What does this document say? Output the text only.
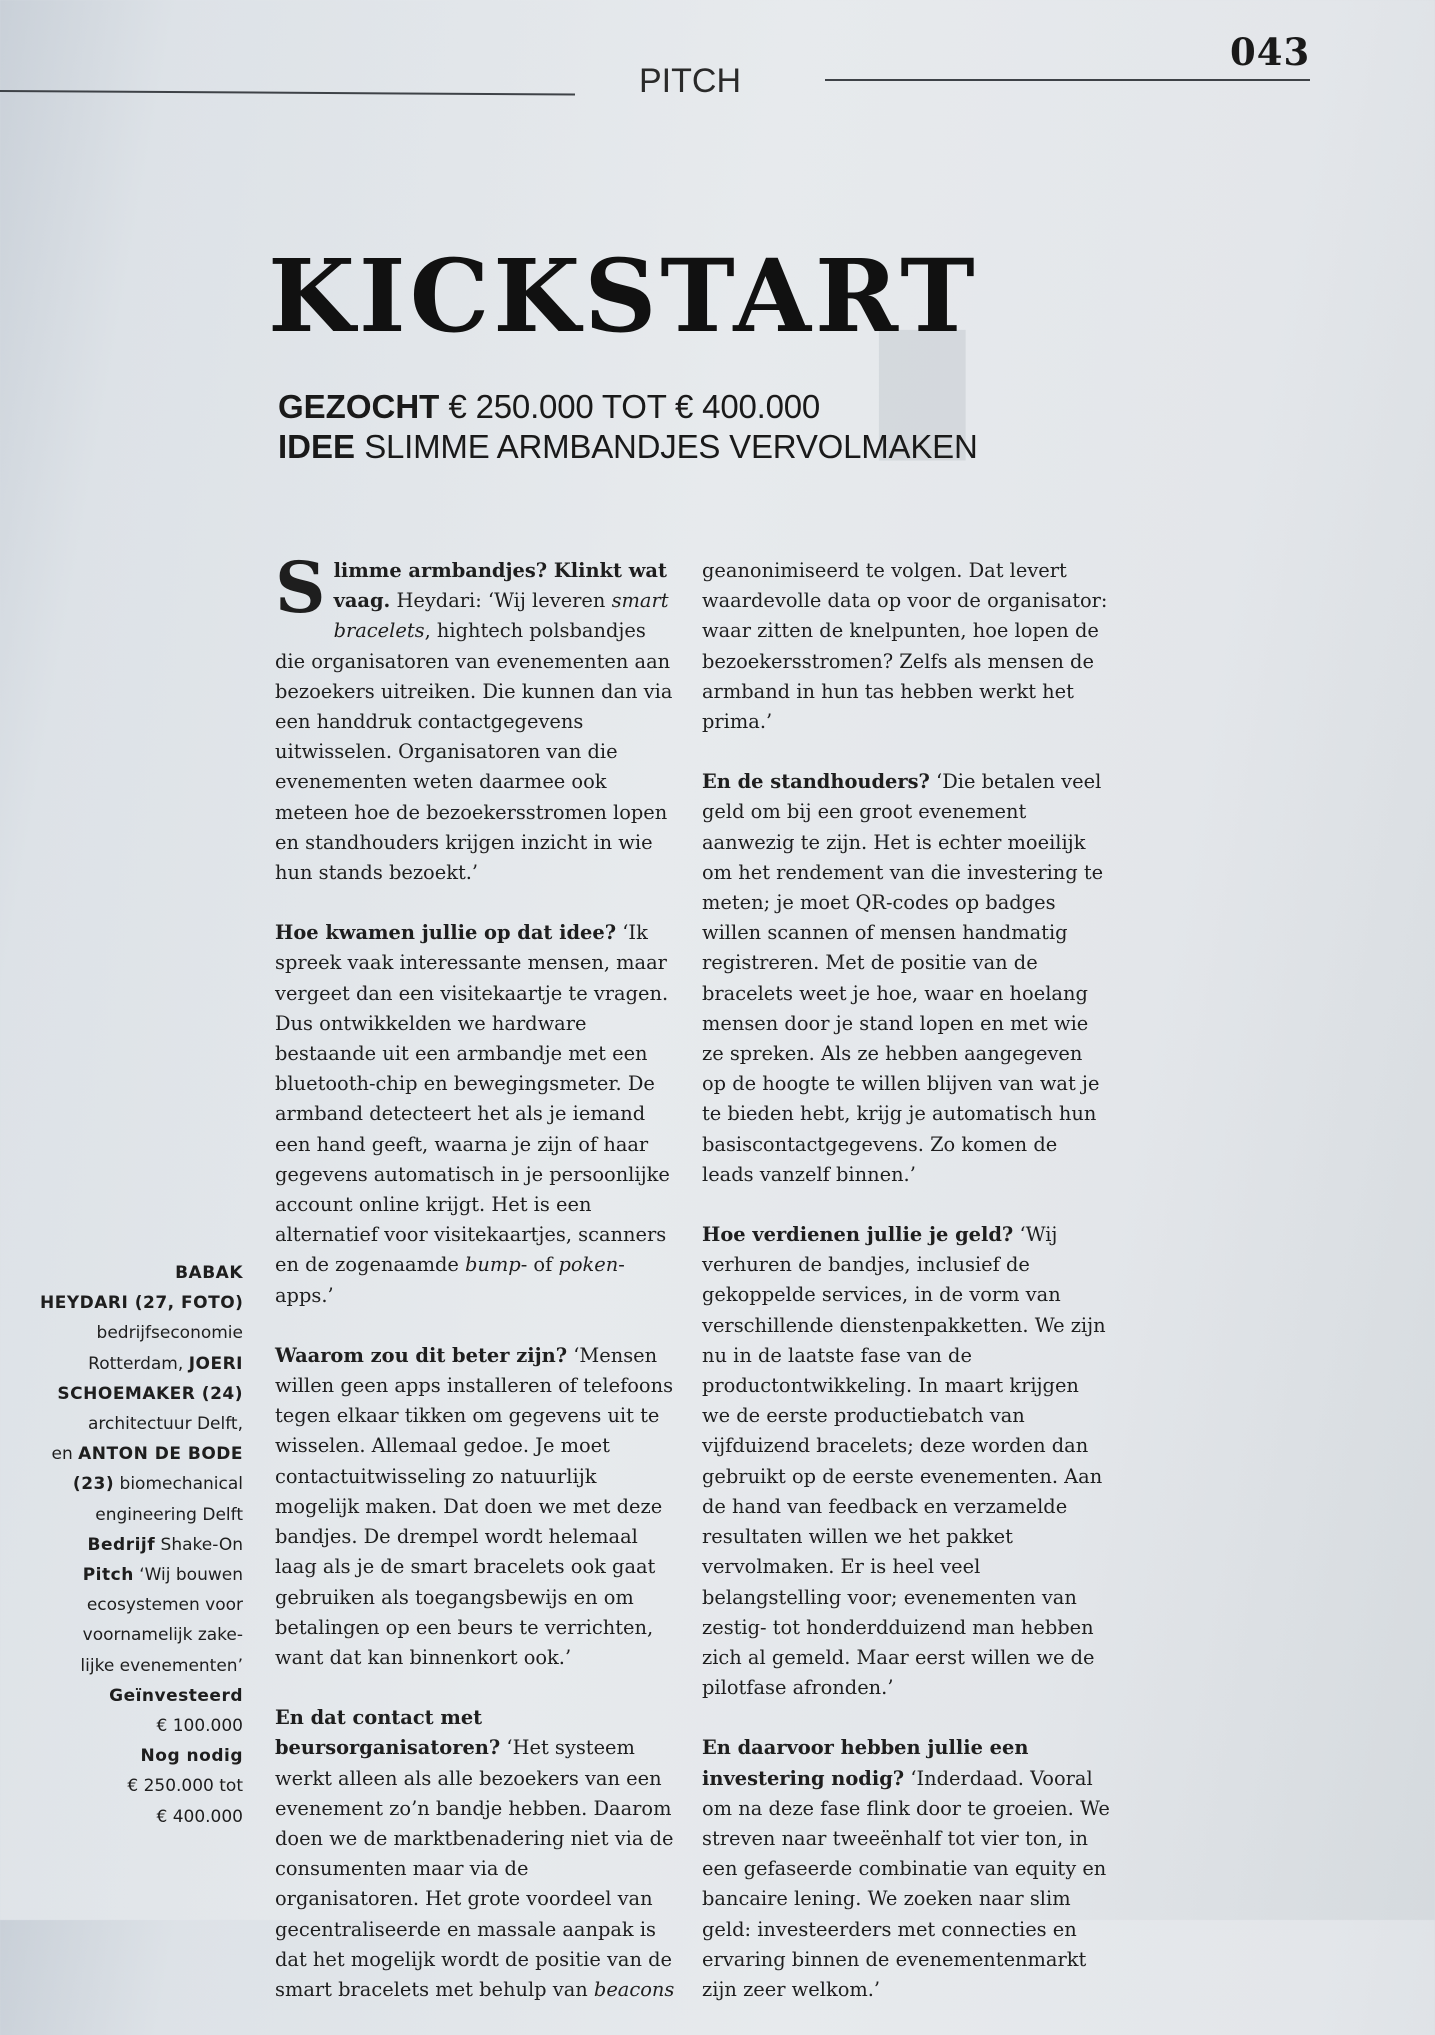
█
043
PITCH
KICKSTART
GEZOCHT € 250.000 TOT € 400.000
IDEE SLIMME ARMBANDJES VERVOLMAKEN

Slimme armbandjes? Klinkt wat vaag. Heydari: ‘Wij leveren smart bracelets, hightech polsbandjes die organisatoren van evenementen aan bezoekers uitreiken. Die kunnen dan via een handdruk contactgegevens uitwisselen. Organisatoren van die evenementen weten daarmee ook meteen hoe de bezoekersstromen lopen en standhouders krijgen inzicht in wie hun stands bezoekt.’

Hoe kwamen jullie op dat idee? ‘Ik spreek vaak interessante mensen, maar vergeet dan een visitekaartje te vragen. Dus ontwikkelden we hardware bestaande uit een armbandje met een bluetooth-chip en bewegingsmeter. De armband detecteert het als je iemand een hand geeft, waarna je zijn of haar gegevens automatisch in je persoonlijke account online krijgt. Het is een alternatief voor visitekaartjes, scanners en de zogenaamde bump- of poken-apps.’

Waarom zou dit beter zijn? ‘Mensen willen geen apps installeren of telefoons tegen elkaar tikken om gegevens uit te wisselen. Allemaal gedoe. Je moet contactuitwisseling zo natuurlijk mogelijk maken. Dat doen we met deze bandjes. De drempel wordt helemaal laag als je de smart bracelets ook gaat gebruiken als toegangsbewijs en om betalingen op een beurs te verrichten, want dat kan binnenkort ook.’

En dat contact met beursorganisatoren? ‘Het systeem werkt alleen als alle bezoekers van een evenement zo’n bandje hebben. Daarom doen we de marktbenadering niet via de consumenten maar via de organisatoren. Het grote voordeel van gecentraliseerde en massale aanpak is dat het mogelijk wordt de positie van de smart bracelets met behulp van beacons

BABAK
HEYDARI (27, FOTO)
bedrijfseconomie
Rotterdam, JOERI
SCHOEMAKER (24)
architectuur Delft,
en ANTON DE BODE
(23) biomechanical
engineering Delft
Bedrijf Shake-On
Pitch ‘Wij bouwen
ecosystemen voor
voornamelijk zake-
lijke evenementen’
Geïnvesteerd
€ 100.000
Nog nodig
€ 250.000 tot
€ 400.000

geanonimiseerd te volgen. Dat levert waardevolle data op voor de organisator: waar zitten de knelpunten, hoe lopen de bezoekersstromen? Zelfs als mensen de armband in hun tas hebben werkt het prima.’

En de standhouders? ‘Die betalen veel geld om bij een groot evenement aanwezig te zijn. Het is echter moeilijk om het rendement van die investering te meten; je moet QR-codes op badges willen scannen of mensen handmatig registreren. Met de positie van de bracelets weet je hoe, waar en hoelang mensen door je stand lopen en met wie ze spreken. Als ze hebben aangegeven op de hoogte te willen blijven van wat je te bieden hebt, krijg je automatisch hun basiscontactgegevens. Zo komen de leads vanzelf binnen.’

Hoe verdienen jullie je geld? ‘Wij verhuren de bandjes, inclusief de gekoppelde services, in de vorm van verschillende dienstenpakketten. We zijn nu in de laatste fase van de productontwikkeling. In maart krijgen we de eerste productiebatch van vijfduizend bracelets; deze worden dan gebruikt op de eerste evenementen. Aan de hand van feedback en verzamelde resultaten willen we het pakket vervolmaken. Er is heel veel belangstelling voor; evenementen van zestig- tot honderdduizend man hebben zich al gemeld. Maar eerst willen we de pilotfase afronden.’

En daarvoor hebben jullie een investering nodig? ‘Inderdaad. Vooral om na deze fase flink door te groeien. We streven naar tweeënhalf tot vier ton, in een gefaseerde combinatie van equity en bancaire lening. We zoeken naar slim geld: investeerders met connecties en ervaring binnen de evenementenmarkt zijn zeer welkom.’
